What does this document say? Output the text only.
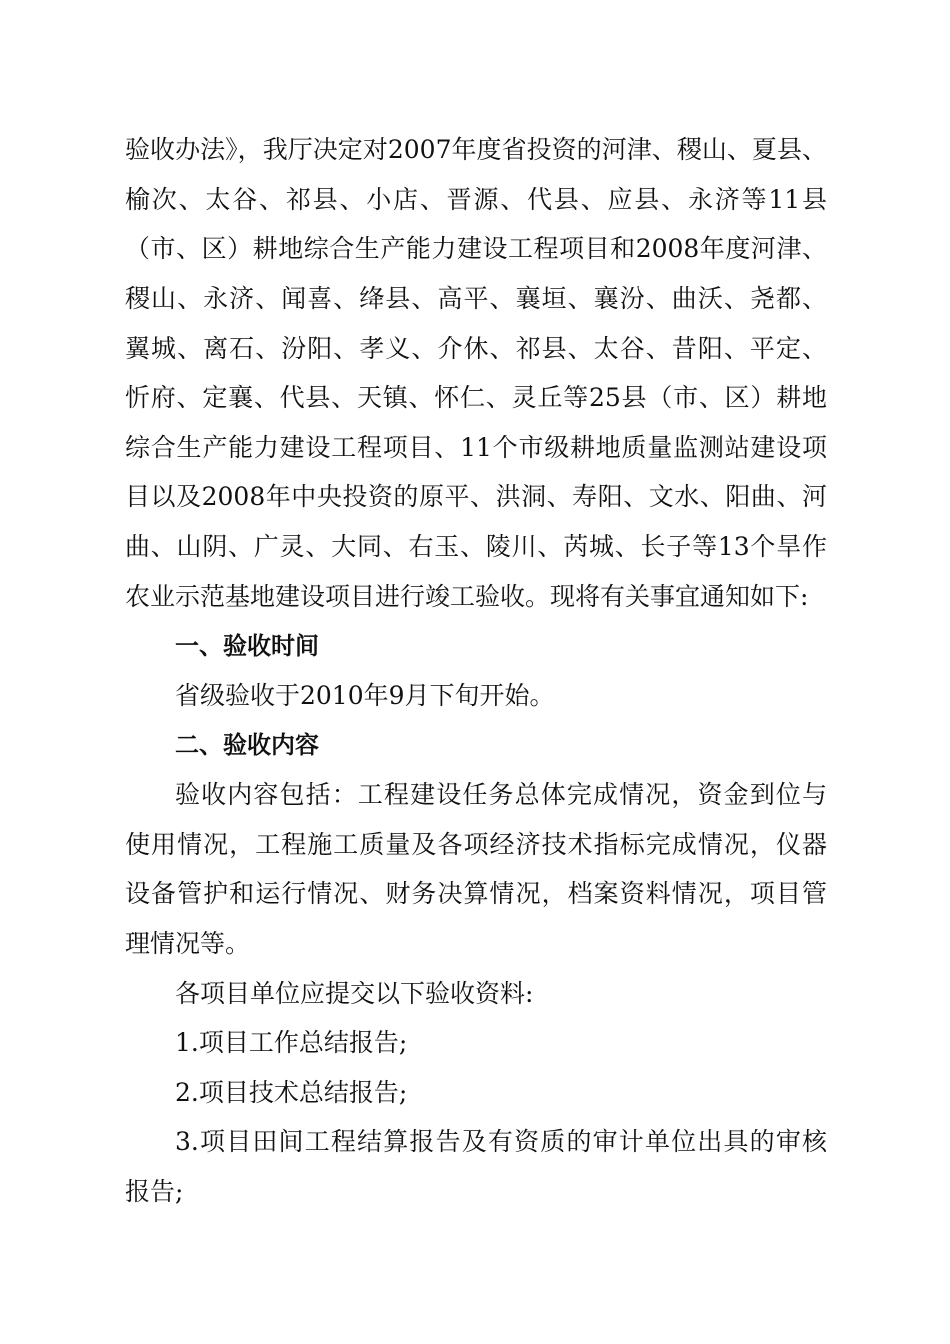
验收办法》，我厅决定对2007年度省投资的河津、稷山、夏县、
榆次、太谷、祁县、小店、晋源、代县、应县、永济等11县
（市、区）耕地综合生产能力建设工程项目和2008年度河津、
稷山、永济、闻喜、绛县、高平、襄垣、襄汾、曲沃、尧都、
翼城、离石、汾阳、孝义、介休、祁县、太谷、昔阳、平定、
忻府、定襄、代县、天镇、怀仁、灵丘等25县（市、区）耕地
综合生产能力建设工程项目、11个市级耕地质量监测站建设项
目以及2008年中央投资的原平、洪洞、寿阳、文水、阳曲、河
曲、山阴、广灵、大同、右玉、陵川、芮城、长子等13个旱作
农业示范基地建设项目进行竣工验收。现将有关事宜通知如下:
一、验收时间
省级验收于2010年9月下旬开始。
二、验收内容
验收内容包括：工程建设任务总体完成情况，资金到位与
使用情况，工程施工质量及各项经济技术指标完成情况，仪器
设备管护和运行情况、财务决算情况，档案资料情况，项目管
理情况等。
各项目单位应提交以下验收资料:
1.项目工作总结报告;
2.项目技术总结报告;
3.项目田间工程结算报告及有资质的审计单位出具的审核
报告;
